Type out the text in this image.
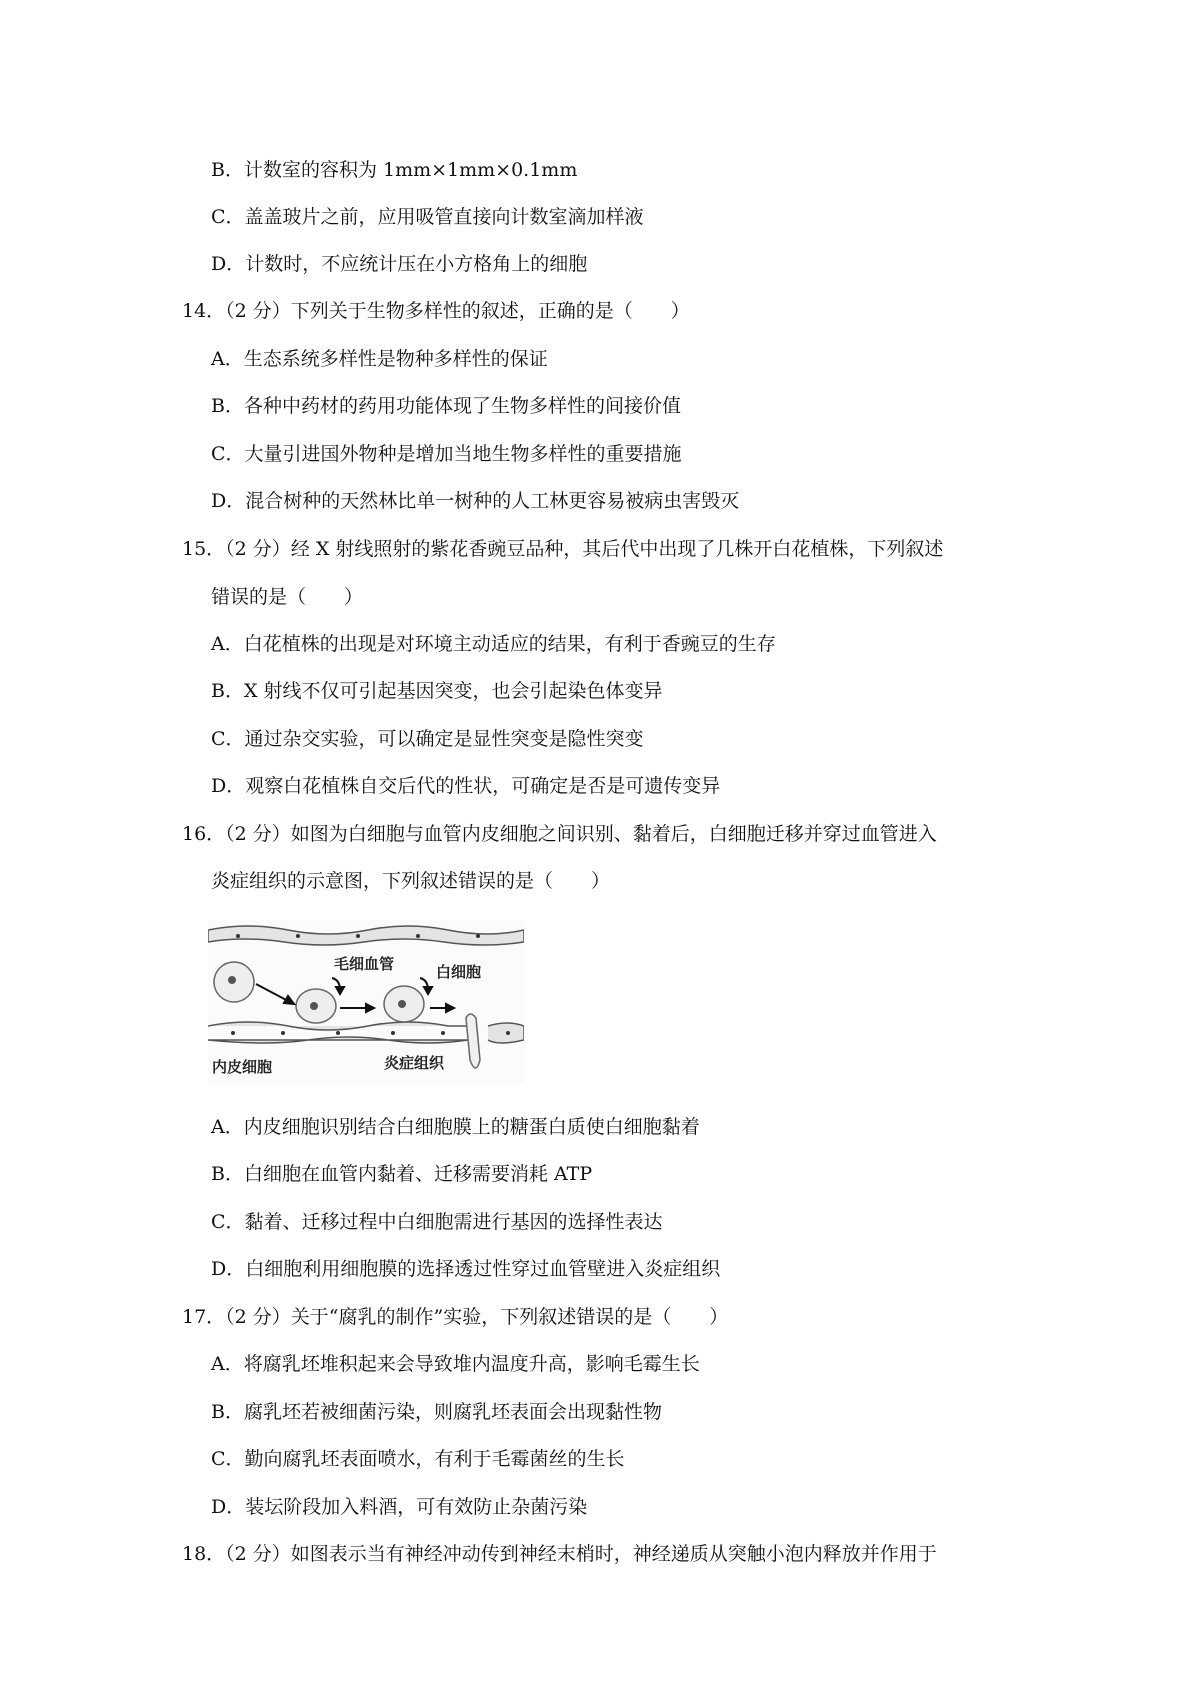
B．计数室的容积为 1mm×1mm×0.1mm
C．盖盖玻片之前，应用吸管直接向计数室滴加样液
D．计数时，不应统计压在小方格角上的细胞
14．（2 分）下列关于生物多样性的叙述，正确的是（　　）
A．生态系统多样性是物种多样性的保证
B．各种中药材的药用功能体现了生物多样性的间接价值
C．大量引进国外物种是增加当地生物多样性的重要措施
D．混合树种的天然林比单一树种的人工林更容易被病虫害毁灭
15．（2 分）经 X 射线照射的紫花香豌豆品种，其后代中出现了几株开白花植株，下列叙述
错误的是（　　）
A．白花植株的出现是对环境主动适应的结果，有利于香豌豆的生存
B．X 射线不仅可引起基因突变，也会引起染色体变异
C．通过杂交实验，可以确定是显性突变是隐性突变
D．观察白花植株自交后代的性状，可确定是否是可遗传变异
16．（2 分）如图为白细胞与血管内皮细胞之间识别、黏着后，白细胞迁移并穿过血管进入
炎症组织的示意图，下列叙述错误的是（　　）
毛细血管	白细胞
内皮细胞	炎症组织
A．内皮细胞识别结合白细胞膜上的糖蛋白质使白细胞黏着
B．白细胞在血管内黏着、迁移需要消耗 ATP
C．黏着、迁移过程中白细胞需进行基因的选择性表达
D．白细胞利用细胞膜的选择透过性穿过血管壁进入炎症组织
17．（2 分）关于“腐乳的制作”实验，下列叙述错误的是（　　）
A．将腐乳坯堆积起来会导致堆内温度升高，影响毛霉生长
B．腐乳坯若被细菌污染，则腐乳坯表面会出现黏性物
C．勤向腐乳坯表面喷水，有利于毛霉菌丝的生长
D．装坛阶段加入料酒，可有效防止杂菌污染
18．（2 分）如图表示当有神经冲动传到神经末梢时，神经递质从突触小泡内释放并作用于
